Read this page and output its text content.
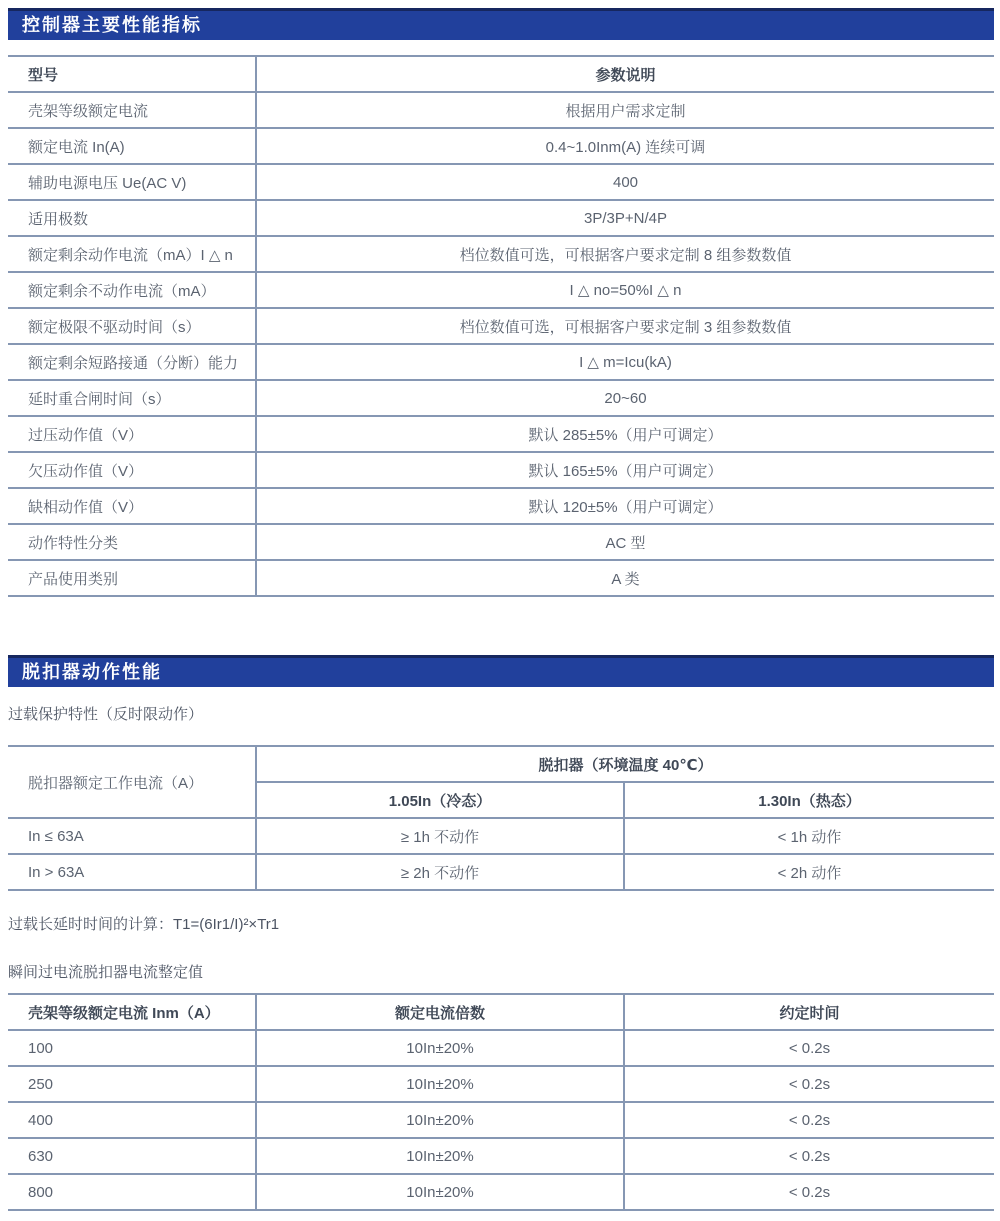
控制器主要性能指标
型号	参数说明
壳架等级额定电流	根据用户需求定制
额定电流 In(A)	0.4~1.0Inm(A) 连续可调
辅助电源电压 Ue(AC V)	400
适用极数	3P/3P+N/4P
额定剩余动作电流（mA）I △ n	档位数值可选，可根据客户要求定制 8 组参数数值
额定剩余不动作电流（mA）	I △ no=50%I △ n
额定极限不驱动时间（s）	档位数值可选，可根据客户要求定制 3 组参数数值
额定剩余短路接通（分断）能力	I △ m=Icu(kA)
延时重合闸时间（s）	20~60
过压动作值（V）	默认 285±5%（用户可调定）
欠压动作值（V）	默认 165±5%（用户可调定）
缺相动作值（V）	默认 120±5%（用户可调定）
动作特性分类	AC 型
产品使用类别	A 类
脱扣器动作性能
过载保护特性（反时限动作）
脱扣器额定工作电流（A）	脱扣器（环境温度 40℃）	
	1.05In（冷态）	1.30In（热态）
In ≤ 63A	≥ 1h 不动作	< 1h 动作
In > 63A	≥ 2h 不动作	< 2h 动作
过载长延时时间的计算：T1=(6Ir1/I)²×Tr1
瞬间过电流脱扣器电流整定值
壳架等级额定电流 Inm（A）	额定电流倍数	约定时间
100	10In±20%	< 0.2s
250	10In±20%	< 0.2s
400	10In±20%	< 0.2s
630	10In±20%	< 0.2s
800	10In±20%	< 0.2s
